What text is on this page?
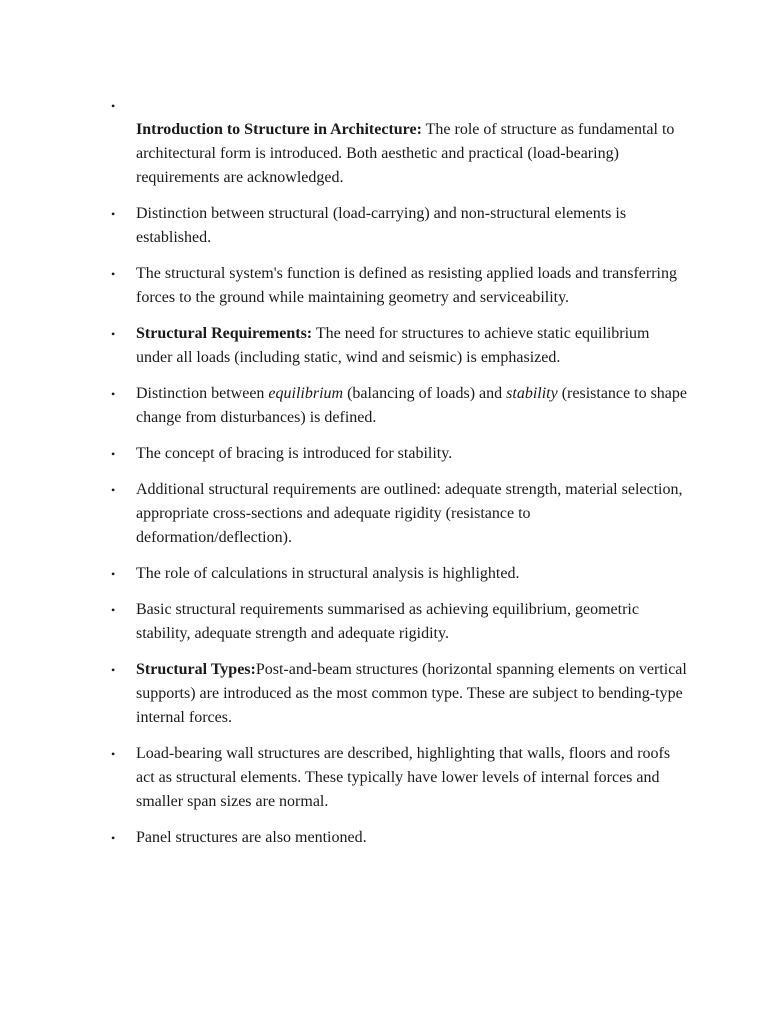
•
Introduction to Structure in Architecture: The role of structure as fundamental to architectural form is introduced. Both aesthetic and practical (load-bearing) requirements are acknowledged.
• Distinction between structural (load-carrying) and non-structural elements is established.
• The structural system's function is defined as resisting applied loads and transferring forces to the ground while maintaining geometry and serviceability.
• Structural Requirements: The need for structures to achieve static equilibrium under all loads (including static, wind and seismic) is emphasized.
• Distinction between equilibrium (balancing of loads) and stability (resistance to shape change from disturbances) is defined.
• The concept of bracing is introduced for stability.
• Additional structural requirements are outlined: adequate strength, material selection, appropriate cross-sections and adequate rigidity (resistance to deformation/deflection).
• The role of calculations in structural analysis is highlighted.
• Basic structural requirements summarised as achieving equilibrium, geometric stability, adequate strength and adequate rigidity.
• Structural Types:Post-and-beam structures (horizontal spanning elements on vertical supports) are introduced as the most common type. These are subject to bending-type internal forces.
• Load-bearing wall structures are described, highlighting that walls, floors and roofs act as structural elements. These typically have lower levels of internal forces and smaller span sizes are normal.
• Panel structures are also mentioned.
